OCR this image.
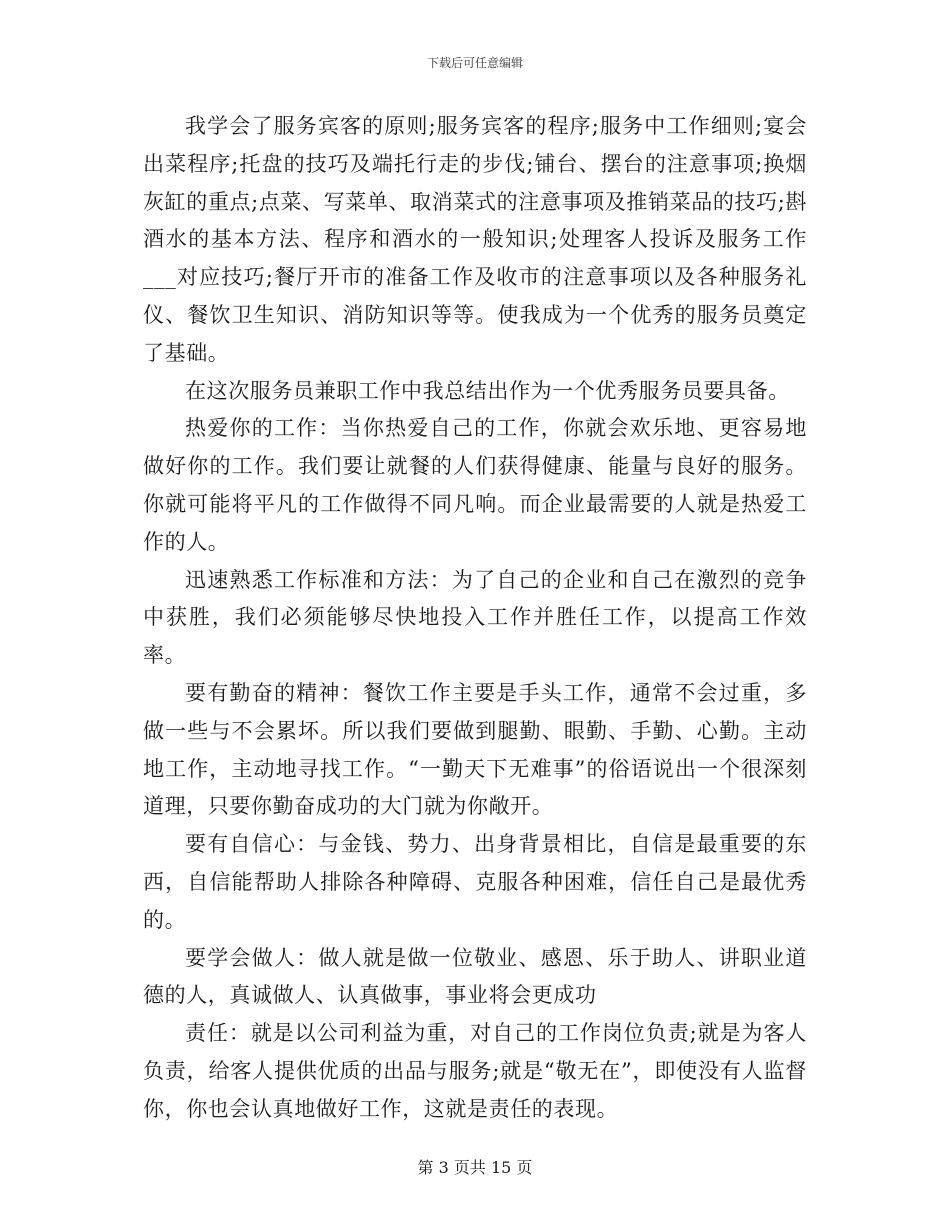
下载后可任意编辑

我学会了服务宾客的原则;服务宾客的程序;服务中工作细则;宴会出菜程序;托盘的技巧及端托行走的步伐;铺台、摆台的注意事项;换烟灰缸的重点;点菜、写菜单、取消菜式的注意事项及推销菜品的技巧;斟酒水的基本方法、程序和酒水的一般知识;处理客人投诉及服务工作___对应技巧;餐厅开市的准备工作及收市的注意事项以及各种服务礼仪、餐饮卫生知识、消防知识等等。使我成为一个优秀的服务员奠定了基础。

在这次服务员兼职工作中我总结出作为一个优秀服务员要具备。

热爱你的工作：当你热爱自己的工作，你就会欢乐地、更容易地做好你的工作。我们要让就餐的人们获得健康、能量与良好的服务。你就可能将平凡的工作做得不同凡响。而企业最需要的人就是热爱工作的人。

迅速熟悉工作标准和方法：为了自己的企业和自己在激烈的竞争中获胜，我们必须能够尽快地投入工作并胜任工作，以提高工作效率。

要有勤奋的精神：餐饮工作主要是手头工作，通常不会过重，多做一些与不会累坏。所以我们要做到腿勤、眼勤、手勤、心勤。主动地工作，主动地寻找工作。“一勤天下无难事”的俗语说出一个很深刻道理，只要你勤奋成功的大门就为你敞开。

要有自信心：与金钱、势力、出身背景相比，自信是最重要的东西，自信能帮助人排除各种障碍、克服各种困难，信任自己是最优秀的。

要学会做人：做人就是做一位敬业、感恩、乐于助人、讲职业道德的人，真诚做人、认真做事，事业将会更成功

责任：就是以公司利益为重，对自己的工作岗位负责;就是为客人负责，给客人提供优质的出品与服务;就是“敬无在”，即使没有人监督你，你也会认真地做好工作，这就是责任的表现。

第 3 页共 15 页
